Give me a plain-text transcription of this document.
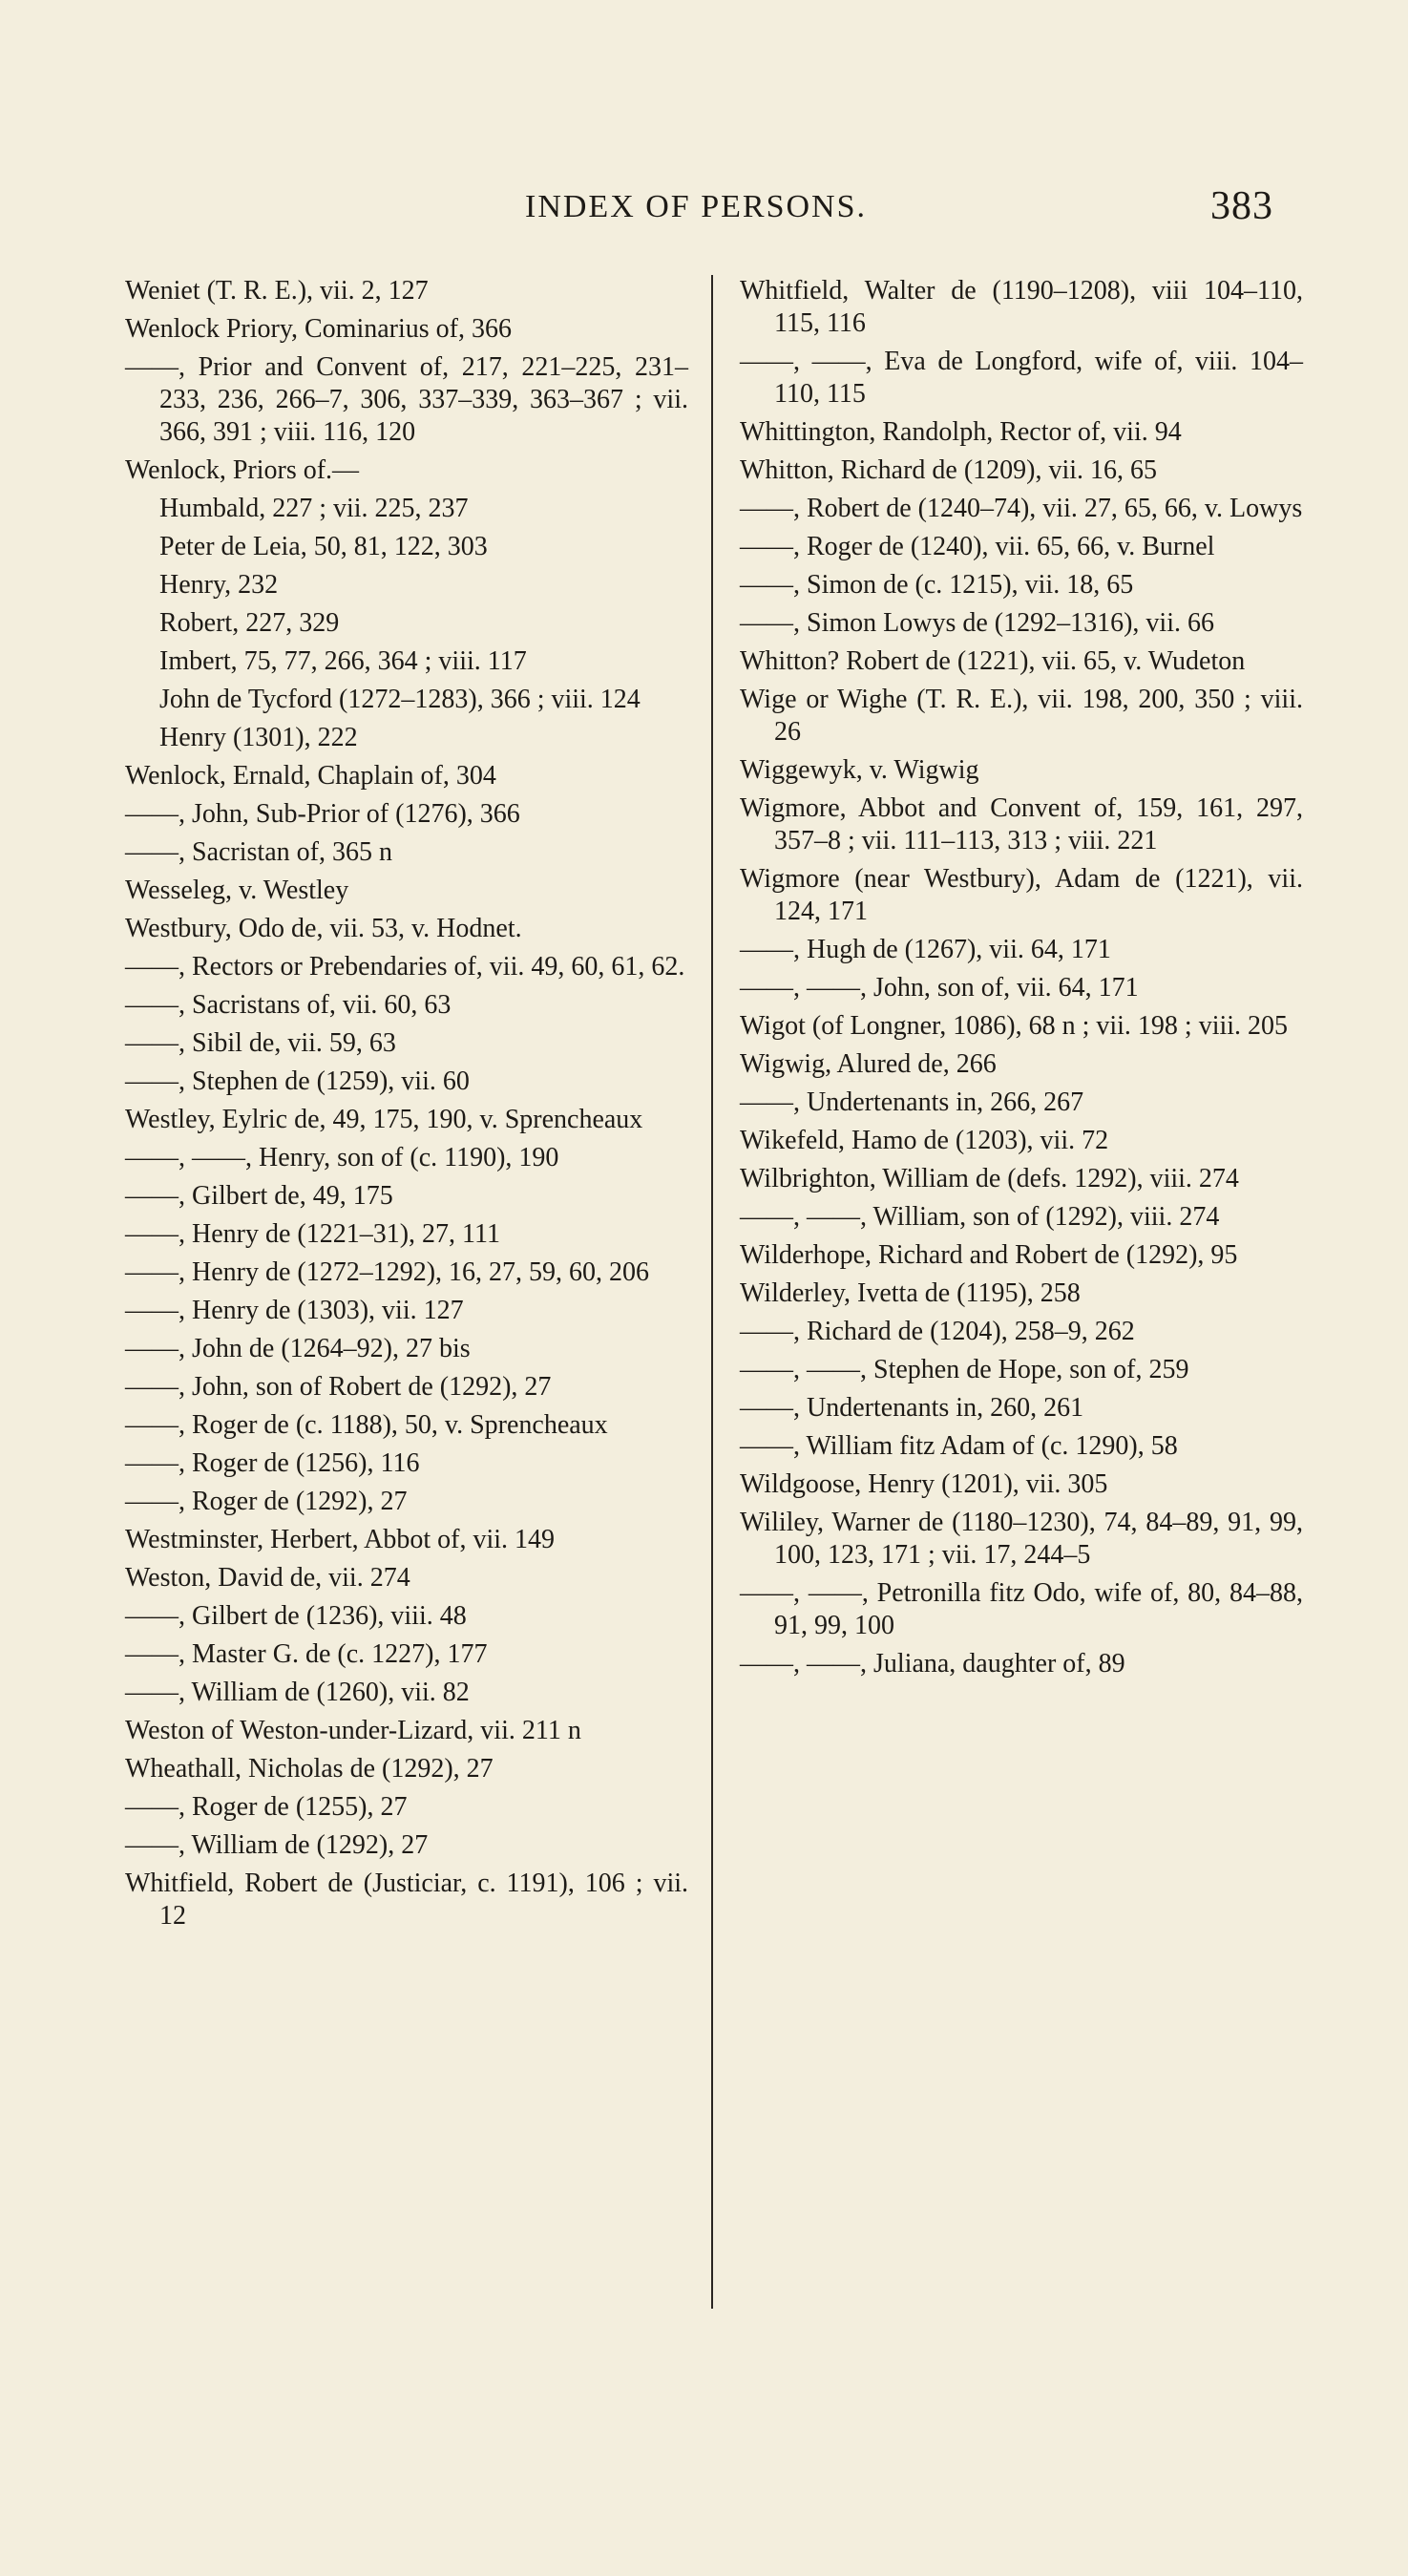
INDEX OF PERSONS.	383
Weniet (T. R. E.), vii. 2, 127
Wenlock Priory, Cominarius of, 366
——, Prior and Convent of, 217, 221–225, 231–233, 236, 266–7, 306, 337–339, 363–367 ; vii. 366, 391 ; viii. 116, 120
Wenlock, Priors of.—
Humbald, 227 ; vii. 225, 237
Peter de Leia, 50, 81, 122, 303
Henry, 232
Robert, 227, 329
Imbert, 75, 77, 266, 364 ; viii. 117
John de Tycford (1272–1283), 366 ; viii. 124
Henry (1301), 222
Wenlock, Ernald, Chaplain of, 304
——, John, Sub-Prior of (1276), 366
——, Sacristan of, 365 n
Wesseleg, v. Westley
Westbury, Odo de, vii. 53, v. Hodnet.
——, Rectors or Prebendaries of, vii. 49, 60, 61, 62.
——, Sacristans of, vii. 60, 63
——, Sibil de, vii. 59, 63
——, Stephen de (1259), vii. 60
Westley, Eylric de, 49, 175, 190, v. Sprencheaux
——, ——, Henry, son of (c. 1190), 190
——, Gilbert de, 49, 175
——, Henry de (1221–31), 27, 111
——, Henry de (1272–1292), 16, 27, 59, 60, 206
——, Henry de (1303), vii. 127
——, John de (1264–92), 27 bis
——, John, son of Robert de (1292), 27
——, Roger de (c. 1188), 50, v. Sprencheaux
——, Roger de (1256), 116
——, Roger de (1292), 27
Westminster, Herbert, Abbot of, vii. 149
Weston, David de, vii. 274
——, Gilbert de (1236), viii. 48
——, Master G. de (c. 1227), 177
——, William de (1260), vii. 82
Weston of Weston-under-Lizard, vii. 211 n
Wheathall, Nicholas de (1292), 27
——, Roger de (1255), 27
——, William de (1292), 27
Whitfield, Robert de (Justiciar, c. 1191), 106 ; vii. 12
Whitfield, Walter de (1190–1208), viii 104–110, 115, 116
——, ——, Eva de Longford, wife of, viii. 104–110, 115
Whittington, Randolph, Rector of, vii. 94
Whitton, Richard de (1209), vii. 16, 65
——, Robert de (1240–74), vii. 27, 65, 66, v. Lowys
——, Roger de (1240), vii. 65, 66, v. Burnel
——, Simon de (c. 1215), vii. 18, 65
——, Simon Lowys de (1292–1316), vii. 66
Whitton? Robert de (1221), vii. 65, v. Wudeton
Wige or Wighe (T. R. E.), vii. 198, 200, 350 ; viii. 26
Wiggewyk, v. Wigwig
Wigmore, Abbot and Convent of, 159, 161, 297, 357–8 ; vii. 111–113, 313 ; viii. 221
Wigmore (near Westbury), Adam de (1221), vii. 124, 171
——, Hugh de (1267), vii. 64, 171
——, ——, John, son of, vii. 64, 171
Wigot (of Longner, 1086), 68 n ; vii. 198 ; viii. 205
Wigwig, Alured de, 266
——, Undertenants in, 266, 267
Wikefeld, Hamo de (1203), vii. 72
Wilbrighton, William de (defs. 1292), viii. 274
——, ——, William, son of (1292), viii. 274
Wilderhope, Richard and Robert de (1292), 95
Wilderley, Ivetta de (1195), 258
——, Richard de (1204), 258–9, 262
——, ——, Stephen de Hope, son of, 259
——, Undertenants in, 260, 261
——, William fitz Adam of (c. 1290), 58
Wildgoose, Henry (1201), vii. 305
Wililey, Warner de (1180–1230), 74, 84–89, 91, 99, 100, 123, 171 ; vii. 17, 244–5
——, ——, Petronilla fitz Odo, wife of, 80, 84–88, 91, 99, 100
——, ——, Juliana, daughter of, 89
